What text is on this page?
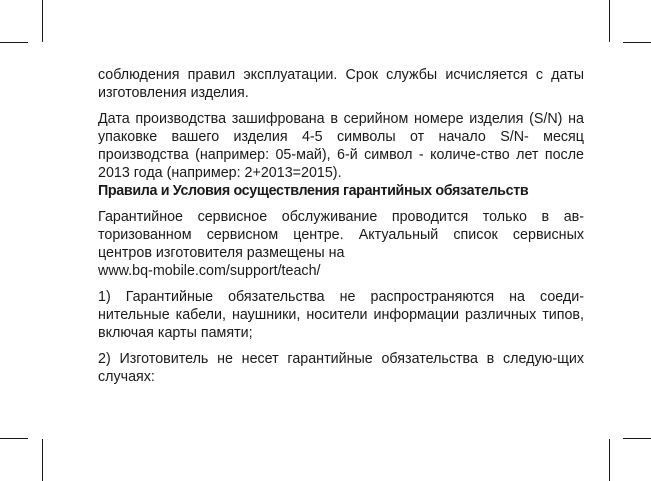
соблюдения правил эксплуатации. Срок службы исчисляется с даты изготовления изделия.

Дата производства зашифрована в серийном номере изделия (S/N) на упаковке вашего изделия 4-5 символы от начало S/N- месяц производства (например: 05-май), 6-й символ - количе-ство лет после 2013 года (например: 2+2013=2015).

Правила и Условия осуществления гарантийных обязательств

Гарантийное сервисное обслуживание проводится только в ав-торизованном сервисном центре. Актуальный список сервисных центров изготовителя размещены на

www.bq-mobile.com/support/teach/

1) Гарантийные обязательства не распространяются на соеди-нительные кабели, наушники, носители информации различных типов, включая карты памяти;

2) Изготовитель не несет гарантийные обязательства в следую-щих случаях:
